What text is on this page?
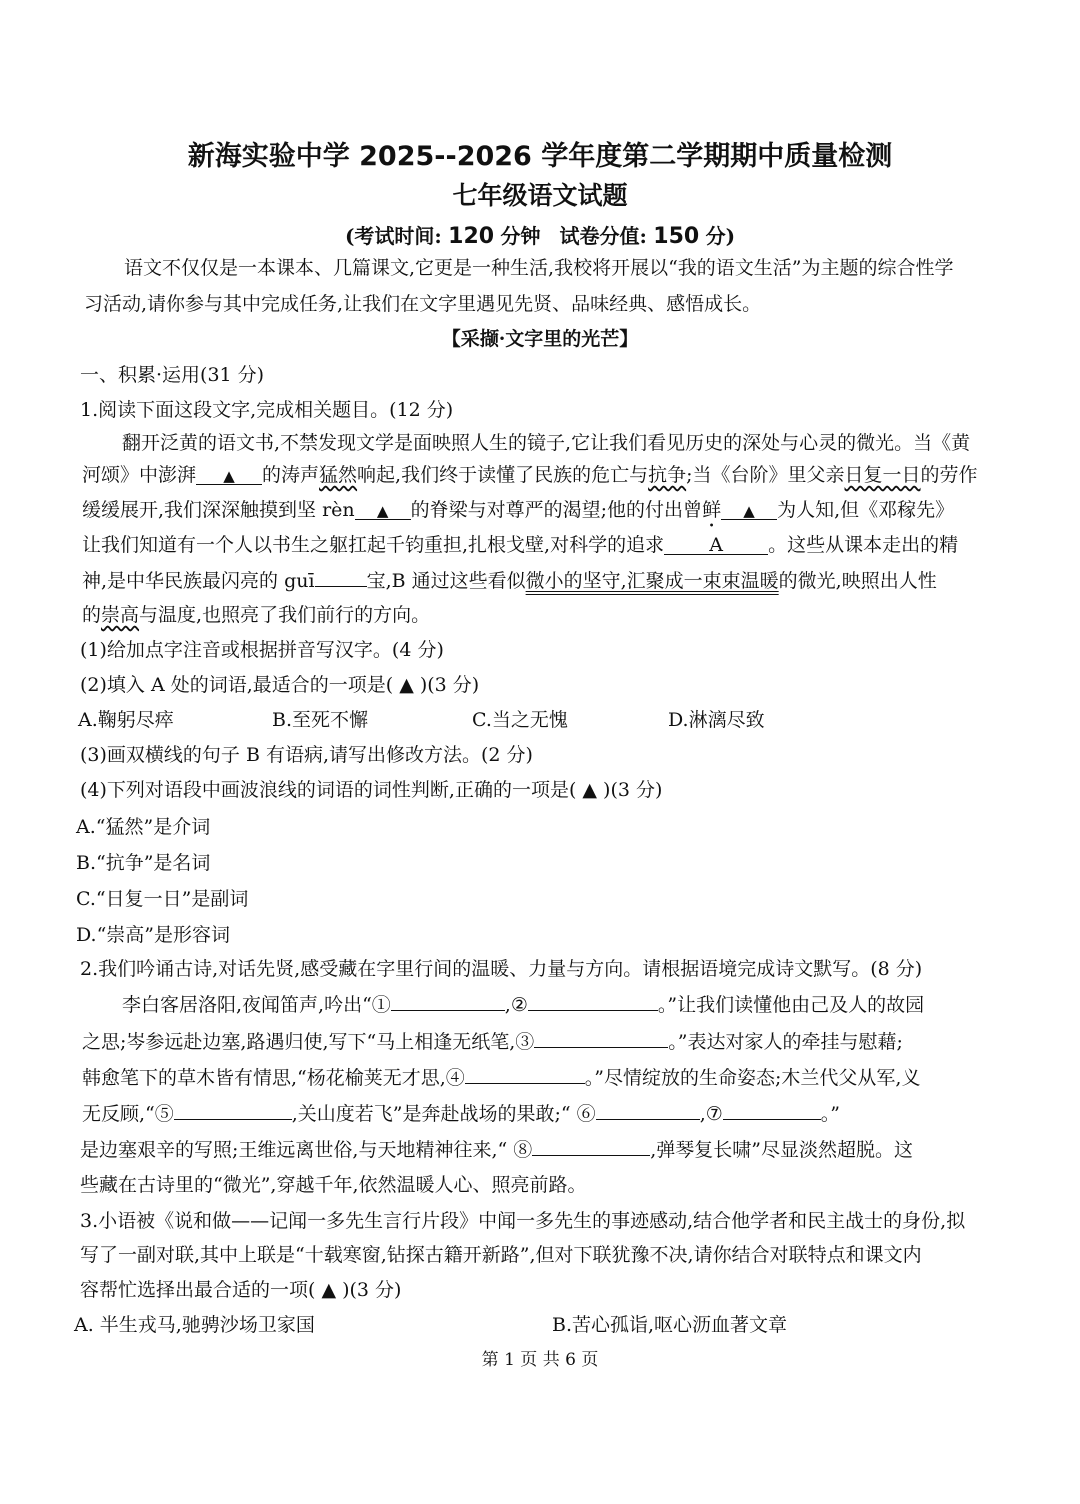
新海实验中学 2025--2026 学年度第二学期期中质量检测
七年级语文试题
(考试时间: 120 分钟 试卷分值: 150 分)
语文不仅仅是一本课本、几篇课文,它更是一种生活,我校将开展以“我的语文生活”为主题的综合性学
习活动,请你参与其中完成任务,让我们在文字里遇见先贤、品味经典、感悟成长。
【采撷·文字里的光芒】
一、积累·运用(31 分)
1.阅读下面这段文字,完成相关题目。(12 分)
翻开泛黄的语文书,不禁发现文学是面映照人生的镜子,它让我们看见历史的深处与心灵的微光。当《黄
河颂》中澎湃 ▲ 的涛声猛然响起,我们终于读懂了民族的危亡与抗争;当《台阶》里父亲日复一日的劳作
缓缓展开,我们深深触摸到坚 rèn ▲ 的脊梁与对尊严的渴望;他的付出曾鲜 ▲ 为人知,但《邓稼先》
让我们知道有一个人以书生之躯扛起千钧重担,扎根戈壁,对科学的追求 A 。这些从课本走出的精
神,是中华民族最闪亮的 guī	宝,B 通过这些看似微小的坚守,汇聚成一束束温暖的微光,映照出人性
的崇高与温度,也照亮了我们前行的方向。
(1)给加点字注音或根据拼音写汉字。(4 分)
(2)填入 A 处的词语,最适合的一项是( ▲ )(3 分)
A.鞠躬尽瘁	B.至死不懈	C.当之无愧	D.淋漓尽致
(3)画双横线的句子 B 有语病,请写出修改方法。(2 分)
(4)下列对语段中画波浪线的词语的词性判断,正确的一项是( ▲ )(3 分)
A.“猛然”是介词
B.“抗争”是名词
C.“日复一日”是副词
D.“崇高”是形容词
2.我们吟诵古诗,对话先贤,感受藏在字里行间的温暖、力量与方向。请根据语境完成诗文默写。(8 分)
李白客居洛阳,夜闻笛声,吟出“①	,②	。”让我们读懂他由己及人的故园
之思;岑参远赴边塞,路遇归使,写下“马上相逢无纸笔,③	。”表达对家人的牵挂与慰藉;
韩愈笔下的草木皆有情思,“杨花榆荚无才思,④	。”尽情绽放的生命姿态;木兰代父从军,义
无反顾,“⑤	,关山度若飞”是奔赴战场的果敢;“ ⑥	,⑦	。”
是边塞艰辛的写照;王维远离世俗,与天地精神往来,“ ⑧	,弹琴复长啸”尽显淡然超脱。这
些藏在古诗里的“微光”,穿越千年,依然温暖人心、照亮前路。
3.小语被《说和做——记闻一多先生言行片段》中闻一多先生的事迹感动,结合他学者和民主战士的身份,拟
写了一副对联,其中上联是“十载寒窗,钻探古籍开新路”,但对下联犹豫不决,请你结合对联特点和课文内
容帮忙选择出最合适的一项( ▲ )(3 分)
A. 半生戎马,驰骋沙场卫家国	B.苦心孤诣,呕心沥血著文章
第 1 页 共 6 页
